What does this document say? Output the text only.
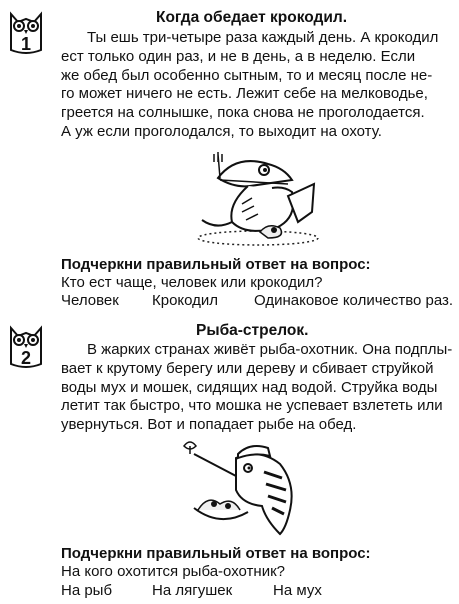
1
Когда обедает крокодил.
Ты ешь три-четыре раза каждый день. А крокодил
ест только один раз, и не в день, а в неделю. Если
же обед был особенно сытным, то и месяц после не-
го может ничего не есть. Лежит себе на мелководье,
греется на солнышке, пока снова не проголодается.
А уж если проголодался, то выходит на охоту.
Подчеркни правильный ответ на вопрос:
Кто ест чаще, человек или крокодил?
Человек Крокодил Одинаковое количество раз.
2
Рыба-стрелок.
В жарких странах живёт рыба-охотник. Она подплы-
вает к крутому берегу или дереву и сбивает струйкой
воды мух и мошек, сидящих над водой. Струйка воды
летит так быстро, что мошка не успевает взлететь или
увернуться. Вот и попадает рыбе на обед.
Подчеркни правильный ответ на вопрос:
На кого охотится рыба-охотник?
На рыб	На лягушек	На мух
